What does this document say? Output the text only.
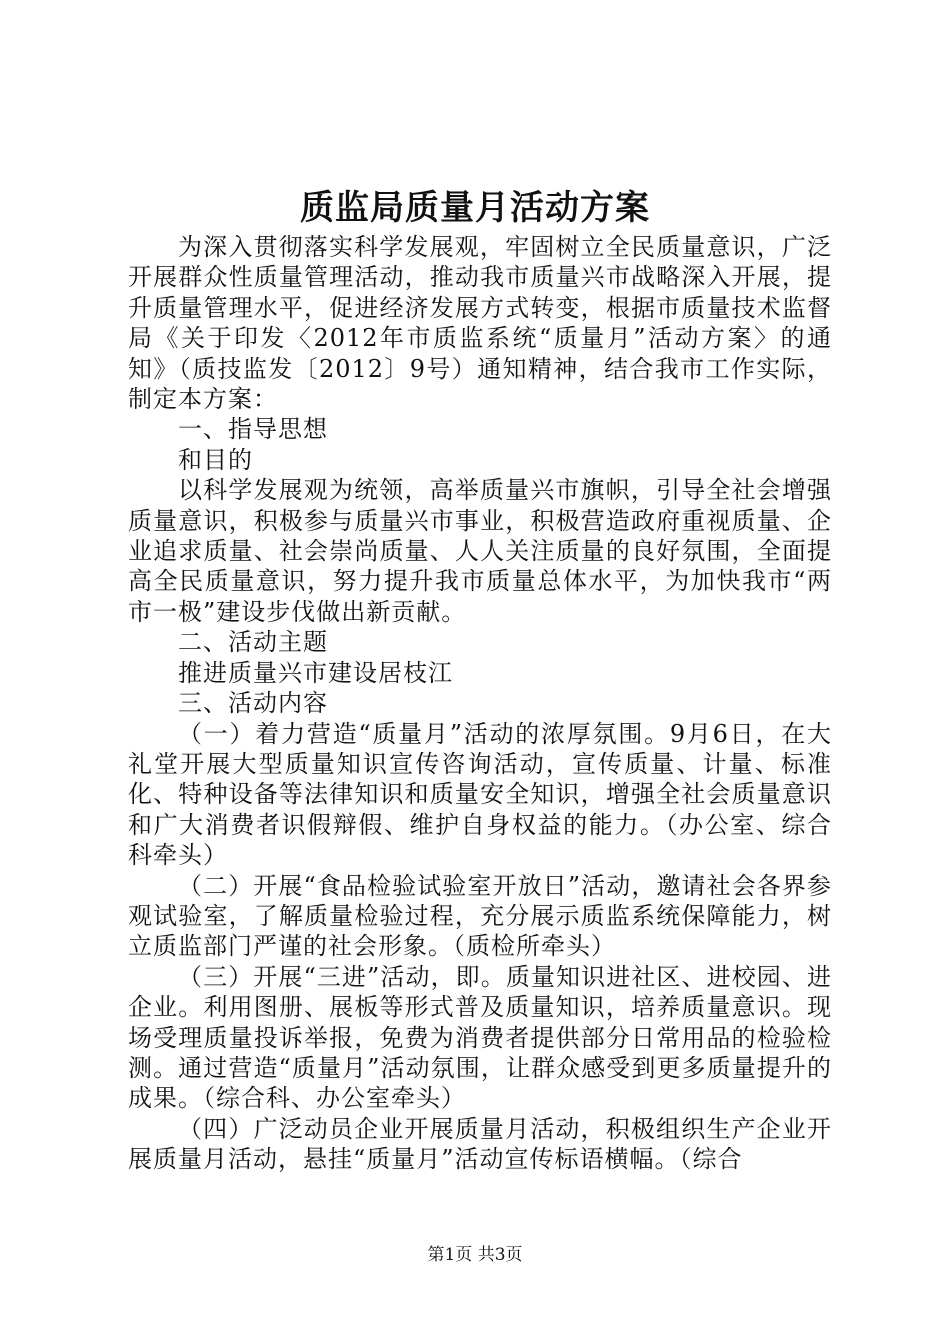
质监局质量月活动方案

为深入贯彻落实科学发展观，牢固树立全民质量意识，广泛开展群众性质量管理活动，推动我市质量兴市战略深入开展，提升质量管理水平，促进经济发展方式转变，根据市质量技术监督局《关于印发〈2012年市质监系统“质量月”活动方案〉的通知》（质技监发〔2012〕9号）通知精神，结合我市工作实际，制定本方案：

一、指导思想

和目的

以科学发展观为统领，高举质量兴市旗帜，引导全社会增强质量意识，积极参与质量兴市事业，积极营造政府重视质量、企业追求质量、社会崇尚质量、人人关注质量的良好氛围，全面提高全民质量意识，努力提升我市质量总体水平，为加快我市“两市一极”建设步伐做出新贡献。

二、活动主题

推进质量兴市建设居枝江

三、活动内容

（一）着力营造“质量月”活动的浓厚氛围。9月6日，在大礼堂开展大型质量知识宣传咨询活动，宣传质量、计量、标准化、特种设备等法律知识和质量安全知识，增强全社会质量意识和广大消费者识假辩假、维护自身权益的能力。（办公室、综合科牵头）

（二）开展“食品检验试验室开放日”活动，邀请社会各界参观试验室，了解质量检验过程，充分展示质监系统保障能力，树立质监部门严谨的社会形象。（质检所牵头）

（三）开展“三进”活动，即。质量知识进社区、进校园、进企业。利用图册、展板等形式普及质量知识，培养质量意识。现场受理质量投诉举报，免费为消费者提供部分日常用品的检验检测。通过营造“质量月”活动氛围，让群众感受到更多质量提升的成果。（综合科、办公室牵头）

（四）广泛动员企业开展质量月活动，积极组织生产企业开展质量月活动，悬挂“质量月”活动宣传标语横幅。（综合

第1页 共3页
